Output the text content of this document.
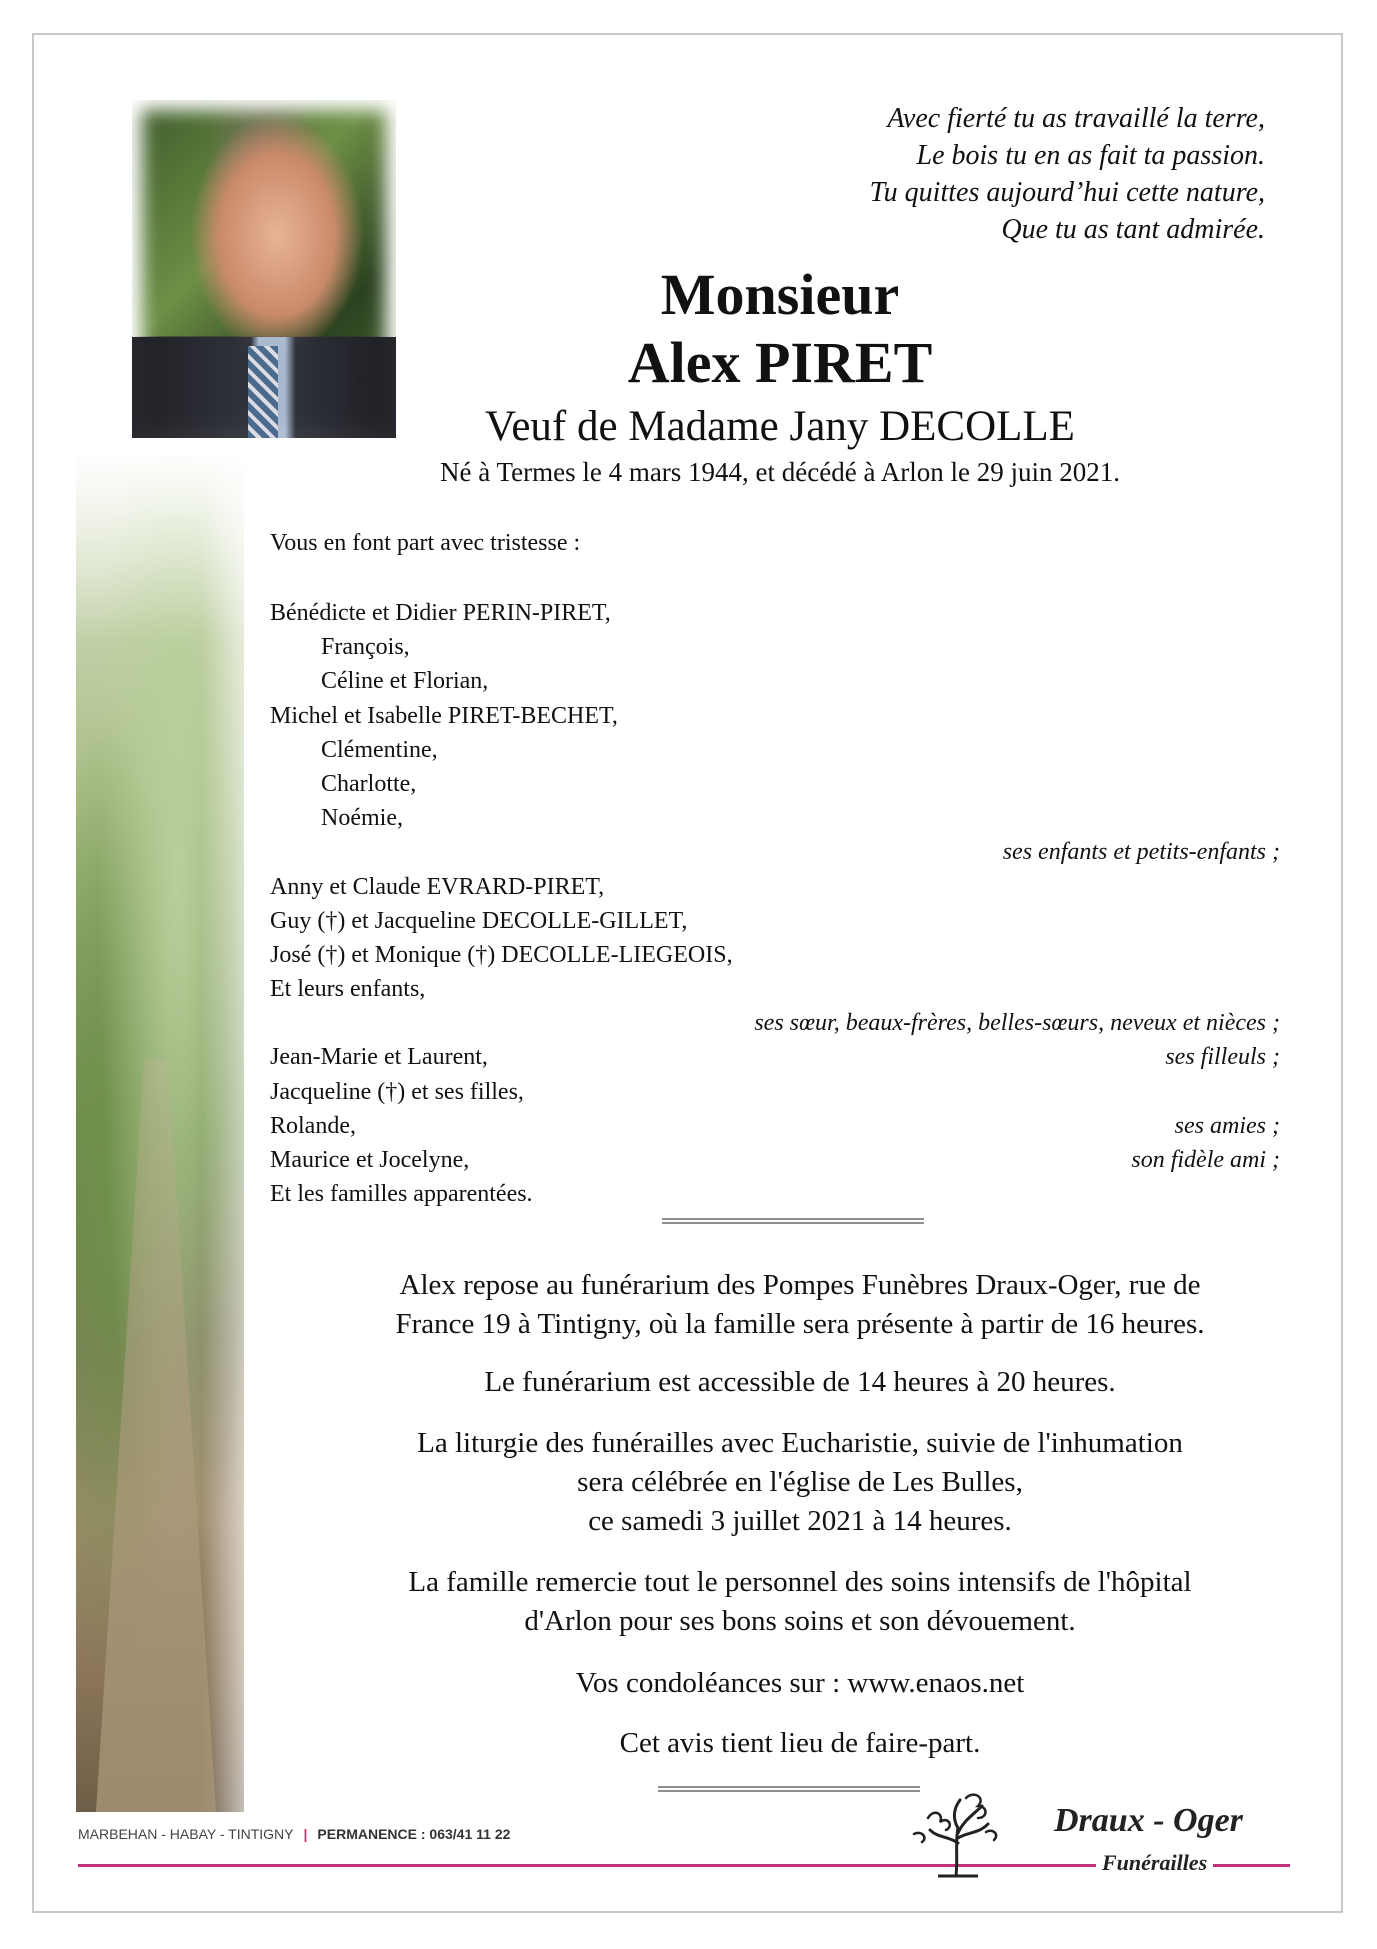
Avec fierté tu as travaillé la terre,
Le bois tu en as fait ta passion.
Tu quittes aujourd’hui cette nature,
Que tu as tant admirée.
Monsieur
Alex PIRET
Veuf de Madame Jany DECOLLE
Né à Termes le 4 mars 1944, et décédé à Arlon le 29 juin 2021.
Vous en font part avec tristesse :
Bénédicte et Didier PERIN-PIRET,
François,
Céline et Florian,
Michel et Isabelle PIRET-BECHET,
Clémentine,
Charlotte,
Noémie,
ses enfants et petits-enfants ;
Anny et Claude EVRARD-PIRET,
Guy (†) et Jacqueline DECOLLE-GILLET,
José (†) et Monique (†) DECOLLE-LIEGEOIS,
Et leurs enfants,
ses sœur, beaux-frères, belles-sœurs, neveux et nièces ;
Jean-Marie et Laurent,	ses filleuls ;
Jacqueline (†) et ses filles,
Rolande,	ses amies ;
Maurice et Jocelyne,	son fidèle ami ;
Et les familles apparentées.

Alex repose au funérarium des Pompes Funèbres Draux-Oger, rue de

France 19 à Tintigny, où la famille sera présente à partir de 16 heures.

Le funérarium est accessible de 14 heures à 20 heures.

La liturgie des funérailles avec Eucharistie, suivie de l'inhumation

sera célébrée en l'église de Les Bulles,

ce samedi 3 juillet 2021 à 14 heures.

La famille remercie tout le personnel des soins intensifs de l'hôpital

d'Arlon pour ses bons soins et son dévouement.

Vos condoléances sur : www.enaos.net
Cet avis tient lieu de faire-part.
MARBEHAN - HABAY - TINTIGNY | PERMANENCE : 063/41 11 22	Draux - Oger
Funérailles
